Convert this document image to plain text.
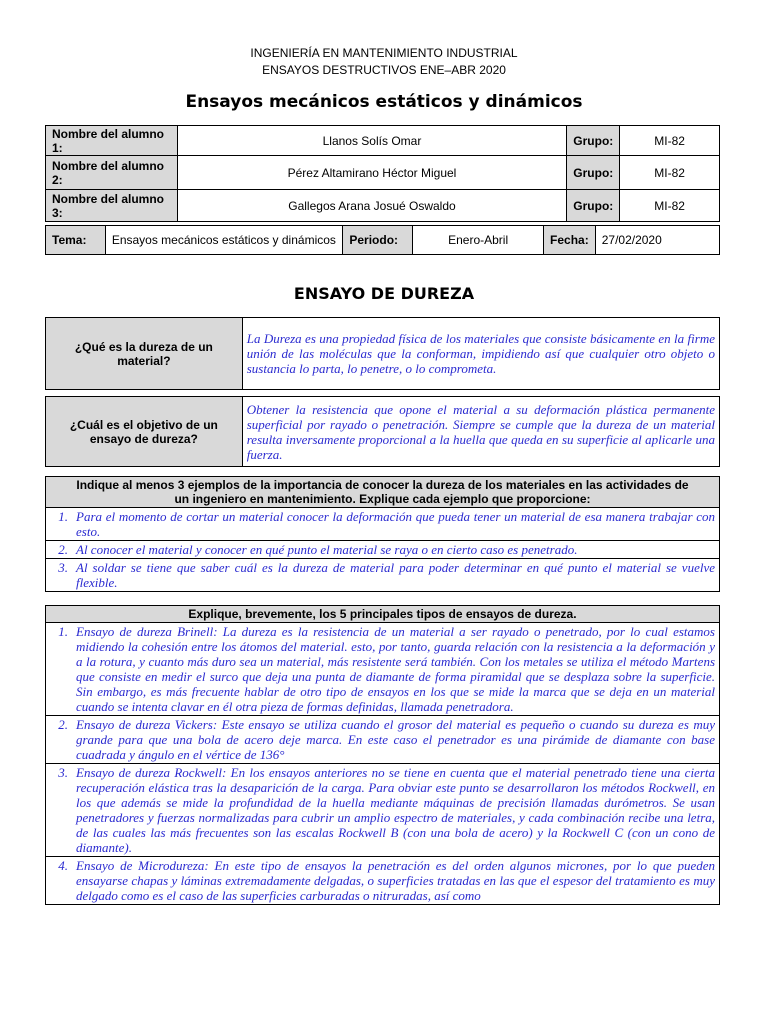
INGENIERÍA EN MANTENIMIENTO INDUSTRIAL
ENSAYOS DESTRUCTIVOS ENE–ABR 2020
Ensayos mecánicos estáticos y dinámicos
Nombre del alumno 1:	Llanos Solís Omar	Grupo:	MI-82
Nombre del alumno 2:	Pérez Altamirano Héctor Miguel	Grupo:	MI-82
Nombre del alumno 3:	Gallegos Arana Josué Oswaldo	Grupo:	MI-82
Tema:	Ensayos mecánicos estáticos y dinámicos	Periodo:	Enero-Abril	Fecha:	27/02/2020
ENSAYO DE DUREZA
¿Qué es la dureza de un material?	La Dureza es una propiedad física de los materiales que consiste básicamente en la firme unión de las moléculas que la conforman, impidiendo así que cualquier otro objeto o sustancia lo parta, lo penetre, o lo comprometa.
¿Cuál es el objetivo de un ensayo de dureza?	Obtener la resistencia que opone el material a su deformación plástica permanente superficial por rayado o penetración. Siempre se cumple que la dureza de un material resulta inversamente proporcional a la huella que queda en su superficie al aplicarle una fuerza.
Indique al menos 3 ejemplos de la importancia de conocer la dureza de los materiales en las actividades de
un ingeniero en mantenimiento. Explique cada ejemplo que proporcione:

1. Para el momento de cortar un material conocer la deformación que pueda tener un material de esa manera trabajar con esto.

2. Al conocer el material y conocer en qué punto el material se raya o en cierto caso es penetrado.

3. Al soldar se tiene que saber cuál es la dureza de material para poder determinar en qué punto el material se vuelve flexible.
Explique, brevemente, los 5 principales tipos de ensayos de dureza.

1. Ensayo de dureza Brinell: La dureza es la resistencia de un material a ser rayado o penetrado, por lo cual estamos midiendo la cohesión entre los átomos del material. esto, por tanto, guarda relación con la resistencia a la deformación y a la rotura, y cuanto más duro sea un material, más resistente será también. Con los metales se utiliza el método Martens que consiste en medir el surco que deja una punta de diamante de forma piramidal que se desplaza sobre la superficie. Sin embargo, es más frecuente hablar de otro tipo de ensayos en los que se mide la marca que se deja en un material cuando se intenta clavar en él otra pieza de formas definidas, llamada penetradora.

2. Ensayo de dureza Vickers: Este ensayo se utiliza cuando el grosor del material es pequeño o cuando su dureza es muy grande para que una bola de acero deje marca. En este caso el penetrador es una pirámide de diamante con base cuadrada y ángulo en el vértice de 136°

3. Ensayo de dureza Rockwell: En los ensayos anteriores no se tiene en cuenta que el material penetrado tiene una cierta recuperación elástica tras la desaparición de la carga. Para obviar este punto se desarrollaron los métodos Rockwell, en los que además se mide la profundidad de la huella mediante máquinas de precisión llamadas durómetros. Se usan penetradores y fuerzas normalizadas para cubrir un amplio espectro de materiales, y cada combinación recibe una letra, de las cuales las más frecuentes son las escalas Rockwell B (con una bola de acero) y la Rockwell C (con un cono de diamante).

4. Ensayo de Microdureza: En este tipo de ensayos la penetración es del orden algunos micrones, por lo que pueden ensayarse chapas y láminas extremadamente delgadas, o superficies tratadas en las que el espesor del tratamiento es muy delgado como es el caso de las superficies carburadas o nitruradas, así como
